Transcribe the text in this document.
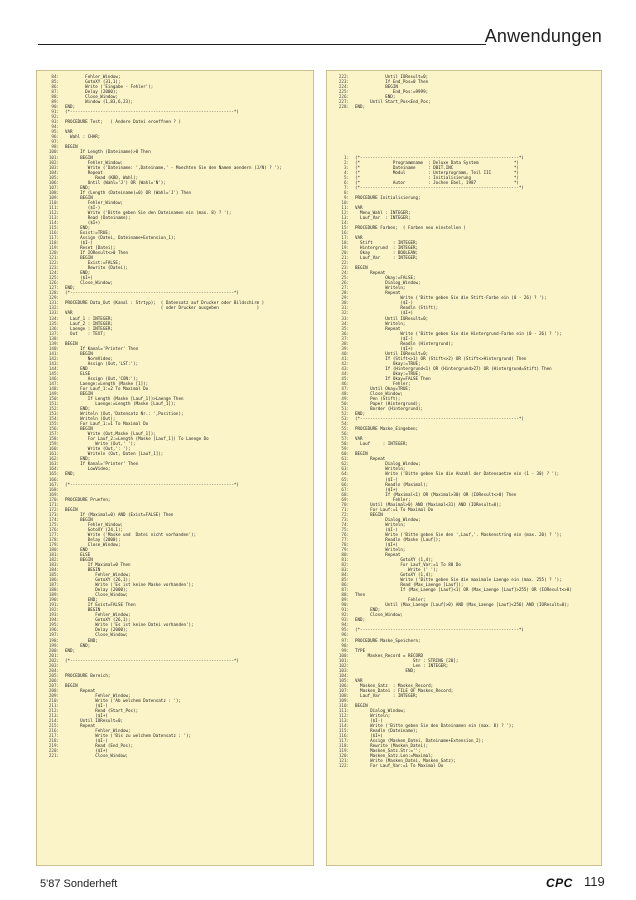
Anwendungen
84:	Fehler_Window;
85:	GotoXY (31,1);
86:	Write ('Eingabe - Fehler');
87:	Delay (2000);
88:	Close_Window;
89:	Window (1,83,6,23);
90:	END;
91:	(*-----------------------------------------------------------------*)
92:
93:	PROCEDURE Test;   ( Andere Datei eroeffnen ? )
94:
95:	VAR
96:	Wahl : CHAR;
97:
98:	BEGIN
100:	If Length (Dateiname)>0 Then
101:	BEGIN
102:	Fehler_Window;
103:	Write ('Dateiname: ',Dateiname,' - Moechten Sie den Namen aendern (J/N) ? ');
104:	Repeat
105:	Read (KBD, Wahl);
106:	Until (Wahl='J') OR (Wahl='N');
107:	END;
108:	If (Length (Dateiname)=0) OR (Wahl='J') Then
109:	BEGIN
110:	Fehler_Window;
111:	($I-)
112:	Write ('Bitte geben Sie den Dateinamen ein (max. 8) ? ');
113:	Read (Dateiname);
114:	($I+)
115:	END;
116:	Exist:=TRUE;
117:	Assign (Datei, Dateiname+Extension_1);
118:	($I-)
119:	Reset (Datei);
120:	If IOResult<>0 Then
121:	BEGIN
122:	Exist:=FALSE;
123:	Rewrite (Datei);
124:	END;
125:	($I+)
126:	Close_Window;
127:	END;
128:	(*-----------------------------------------------------------------*)
129:
131:	PROCEDURE Data_Out (Kanal : Strtyp);  ( Datensatz auf Drucker oder Bildschirm )
132:	( oder Drucker ausgeben               )
133:	VAR
134:	Lauf_1 : INTEGER;
135:	Lauf_2 : INTEGER;
136:	Laenge : INTEGER;
137:	Out    : TEXT;
138:
139:	BEGIN
140:	If Kanal='Printer' Then
141:	BEGIN
142:	NormVideo;
143:	Assign (Out,'LST:');
144:	END
145:	ELSE
146:	Assign (Out,'CON:');
147:	Laenge:=Length (Maske [1]);
148:	For Lauf_1:=2 To Maximal Do
149:	BEGIN
150:	If Length (Maske [Lauf_1])>Laenge Then
151:	Laenge:=Length (Maske [Lauf_1]);
152:	END;
153:	Writeln (Out,'Datensatz Nr.: ',Position);
154:	Writeln (Out);
155:	For Lauf_1:=1 To Maximal Do
156:	BEGIN
157:	Write (Out,Maske [Lauf_1]);
158:	For Lauf_2:=Length (Maske [Lauf_1]) To Laenge Do
159:	Write (Out,' ');
160:	Write (Out,': ');
161:	Writeln (Out, Daten [Lauf_1]);
162:	END;
163:	If Kanal='Printer' Then
164:	LowVideo;
165:	END;
166:
167:	(*-----------------------------------------------------------------*)
168:
169:
170:	PROCEDURE Pruefen;
171:
172:	BEGIN
173:	If (Maximal=0) AND (Exist=FALSE) Then
174:	BEGIN
175:	Fehler_Window;
176:	GotoXY (24,1);
177:	Write ('Maske und  Datei nicht vorhanden');
178:	Delay (2000);
179:	Close_Window;
180:	END
181:	ELSE
182:	BEGIN
183:	If Maximal=0 Then
184:	BEGIN
185:	Fehler_Window;
186:	GotoXY (26,1);
187:	Write ('Es ist keine Maske vorhanden');
188:	Delay (2000);
189:	Close_Window;
190:	END;
191:	If Exist=FALSE Then
192:	BEGIN
193:	Fehler_Window;
194:	GotoXY (26,1);
195:	Write ('Es ist keine Datei vorhanden');
196:	Delay (2000);
197:	Close_Window;
198:	END;
199:	END;
200:	END;
201:
202:	(*-----------------------------------------------------------------*)
203:
204:
205:	PROCEDURE Bereich;
206:
207:	BEGIN
208:	Repeat
209:	Fehler_Window;
210:	Write ('Ab welchem Datensatz : ');
211:	($I-)
212:	Read (Start_Pos);
213:	($I+)
214:	Until IOResult=0;
215:	Repeat
216:	Fehler_Window;
217:	Write ('Bis zu welchem Datensatz : ');
218:	($I-)
219:	Read (End_Pos);
220:	($I+)
221:	Close_Window;
222:	Until IOResult=0;
223:	If End_Pos=0 Then
224:	BEGIN
225:	End_Pos:=9999;
226:	END;
227:	Until Start_Pos<End_Pos;
228:	END;
1:	(*---------------------------------------------------------------*)
2:	(*             Programmname  : Deluxe Data System              *)
3:	(*             Dateiname     : DBIT.INC                        *)
4:	(*             Modul         : Unterprogramm, Teil III         *)
5:	(*                           : Initialisierung                 *)
6:	(*             Autor         : Jochen Ebel, 1987               *)
7:	(*---------------------------------------------------------------*)
8:
9:	PROCEDURE Initialisierung;
10:
11:	VAR
12:	Menu_Wahl : INTEGER;
13:	Lauf_Var  : INTEGER;
14:
15:	PROCEDURE Farben;  ( Farben neu einstellen )
16:
17:	VAR
18:	Stift        : INTEGER;
19:	Hintergrund  : INTEGER;
20:	Okay         : BOOLEAN;
21:	Lauf_Var     : INTEGER;
22:
23:	BEGIN
24:	Repeat
25:	Okay:=FALSE;
26:	Dialog_Window;
27:	Writeln;
28:	Repeat
29:	Write ('Bitte geben Sie die Stift-Farbe ein (0 - 26) ? ');
30:	($I-)
31:	Readln (Stift);
32:	($I+)
33:	Until IOResult=0;
34:	Writeln;
35:	Repeat
36:	Write ('Bitte geben Sie die Hintergrund-Farbe ein (0 - 26) ? ');
37:	($I-)
38:	Readln (Hintergrund);
39:	($I+)
40:	Until IOResult=0;
41:	If (Stift<>1) OR (Stift<>2) OR (Stift<>Hintergrund) Then
42:	Okay:=TRUE;
43:	If (Hintergrund<1) OR (Hintergrund>27) OR (Hintergrund=Stift) Then
44:	Okay:=TRUE;
45:	If Okay=FALSE Then
46:	Fehler;
47:	Until Okay=TRUE;
48:	Close_Window;
49:	Pen (Stift);
50:	Paper (Hintergrund);
51:	Border (Hintergrund);
52:	END;
53:	(*---------------------------------------------------------------*)
54:
55:	PROCEDURE Maske_Eingeben;
56:
57:	VAR
58:	Lauf     : INTEGER;
59:
60:	BEGIN
61:	Repeat
62:	Dialog_Window;
63:	Writeln;
64:	Write ('Bitte geben Sie die Anzahl der Datensaetze ein (1 - 30) ? ');
65:	($I-)
66:	Readln (Maximal);
67:	($I+)
68:	If (Maximal<1) OR (Maximal>30) OR (IOResult<>0) Then
69:	Fehler;
70:	Until (Maximal>0) AND (Maximal<31) AND (IOResult=0);
71:	For Lauf:=1 To Maximal Do
72:	BEGIN
73:	Dialog_Window;
74:	Writeln;
75:	($I-)
76:	Write ('Bitte geben Sie den ',Lauf,'. Maskenstring ein (max. 20) ? ');
77:	Readln (Maske [Lauf]);
78:	($I+)
79:	Writeln;
80:	Repeat
81:	GotoXY (1,4);
82:	For Lauf_Var:=1 To 80 Do
83:	Write (' ');
84:	GotoXY (1,4);
85:	Write ('Bitte geben Sie die maximale Laenge ein (max. 255) ? ');
86:	Read (Max_Laenge [Lauf]);
87:	If (Max_Laenge [Lauf]<1) OR (Max_Laenge [Lauf]>255) OR (IOResult<>0)
88:	Then
89:	Fehler;
90:	Until (Max_Laenge [Lauf]>0) AND (Max_Laenge [Lauf]<256) AND (IOResult=0);
91:	END;
92:	Close_Window;
93:	END;
94:
95:	(*---------------------------------------------------------------*)
96:
97:	PROCEDURE Maske_Speichern;
98:
99:	TYPE
100:	Maskes_Record = RECORD
101:	Str : STRING [20];
102:	Len : INTEGER;
103:	END;
104:
105:	VAR
106:	Masken_Satz  : Maskes_Record;
107:	Masken_Datei : FILE OF Maskes_Record;
108:	Lauf_Var     : INTEGER;
109:
110:	BEGIN
111:	Dialog_Window;
112:	Writeln;
113:	($I-)
114:	Write ('Bitte geben Sie den Dateinamen ein (max. 8) ? ');
115:	Readln (Dateiname);
116:	($I+)
117:	Assign (Masken_Datei, Dateiname+Extension_2);
118:	Rewrite (Masken_Datei);
119:	Masken_Satz.Str:='';
120:	Masken_Satz.Len:=Maximal;
121:	Write (Masken_Datei, Masken_Satz);
122:	For Lauf_Var:=1 To Maximal Do
5'87 Sonderheft	CPC 119
